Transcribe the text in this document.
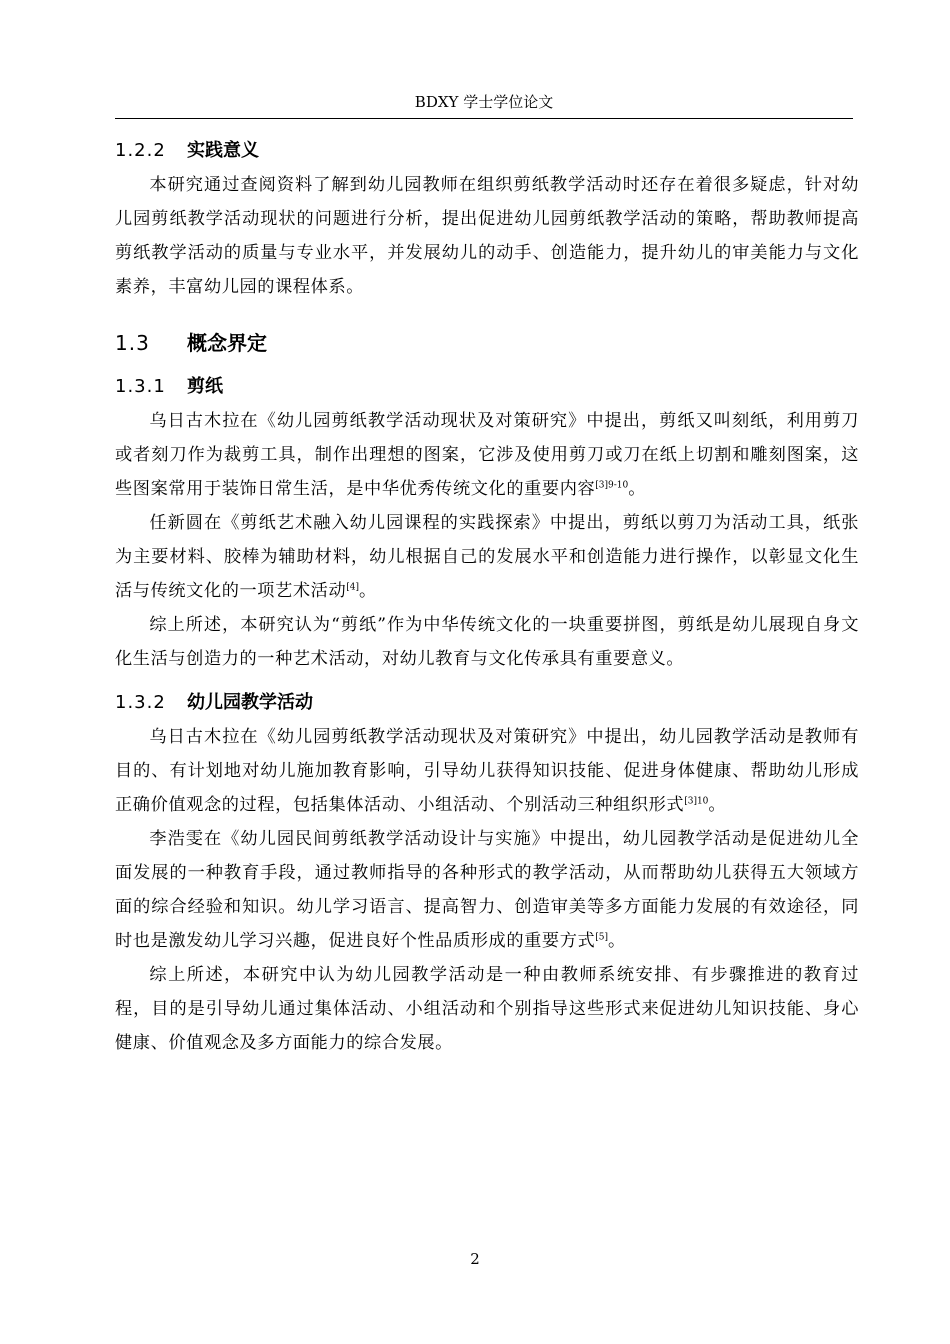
BDXY 学士学位论文
1.2.2	实践意义

本研究通过查阅资料了解到幼儿园教师在组织剪纸教学活动时还存在着很多疑虑，针对幼儿园剪纸教学活动现状的问题进行分析，提出促进幼儿园剪纸教学活动的策略，帮助教师提高剪纸教学活动的质量与专业水平，并发展幼儿的动手、创造能力，提升幼儿的审美能力与文化素养，丰富幼儿园的课程体系。

1.3	概念界定
1.3.1	剪纸

乌日古木拉在《幼儿园剪纸教学活动现状及对策研究》中提出，剪纸又叫刻纸，利用剪刀或者刻刀作为裁剪工具，制作出理想的图案，它涉及使用剪刀或刀在纸上切割和雕刻图案，这些图案常用于装饰日常生活，是中华优秀传统文化的重要内容$^{[3]9-10}$。

任新圆在《剪纸艺术融入幼儿园课程的实践探索》中提出，剪纸以剪刀为活动工具，纸张为主要材料、胶棒为辅助材料，幼儿根据自己的发展水平和创造能力进行操作，以彰显文化生活与传统文化的一项艺术活动[4]。

综上所述，本研究认为“剪纸”作为中华传统文化的一块重要拼图，剪纸是幼儿展现自身文化生活与创造力的一种艺术活动，对幼儿教育与文化传承具有重要意义。

1.3.2	幼儿园教学活动

乌日古木拉在《幼儿园剪纸教学活动现状及对策研究》中提出，幼儿园教学活动是教师有目的、有计划地对幼儿施加教育影响，引导幼儿获得知识技能、促进身体健康、帮助幼儿形成正确价值观念的过程，包括集体活动、小组活动、个别活动三种组织形式$^{[3]10}$。

李浩雯在《幼儿园民间剪纸教学活动设计与实施》中提出，幼儿园教学活动是促进幼儿全面发展的一种教育手段，通过教师指导的各种形式的教学活动，从而帮助幼儿获得五大领域方面的综合经验和知识。幼儿学习语言、提高智力、创造审美等多方面能力发展的有效途径，同时也是激发幼儿学习兴趣，促进良好个性品质形成的重要方式[5]。

综上所述，本研究中认为幼儿园教学活动是一种由教师系统安排、有步骤推进的教育过程，目的是引导幼儿通过集体活动、小组活动和个别指导这些形式来促进幼儿知识技能、身心健康、价值观念及多方面能力的综合发展。

2
